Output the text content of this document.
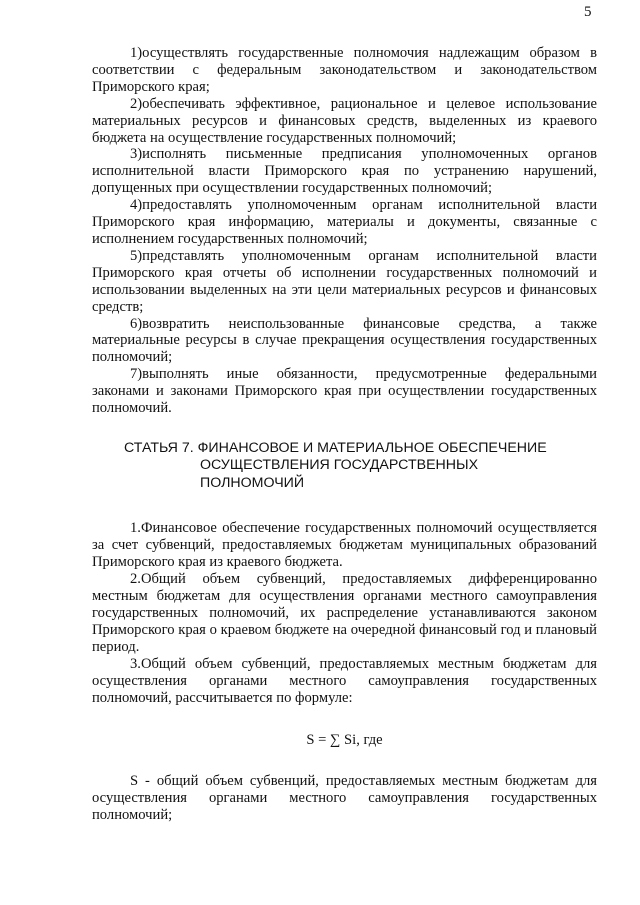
5

1)осуществлять государственные полномочия надлежащим образом в соответствии с федеральным законодательством и законодательством Приморского края;

2)обеспечивать эффективное, рациональное и целевое использование материальных ресурсов и финансовых средств, выделенных из краевого бюджета на осуществление государственных полномочий;

3)исполнять письменные предписания уполномоченных органов исполнительной власти Приморского края по устранению нарушений, допущенных при осуществлении государственных полномочий;

4)предоставлять уполномоченным органам исполнительной власти Приморского края информацию, материалы и документы, связанные с исполнением государственных полномочий;

5)представлять уполномоченным органам исполнительной власти Приморского края отчеты об исполнении государственных полномочий и использовании выделенных на эти цели материальных ресурсов и финансовых средств;

6)возвратить неиспользованные финансовые средства, а также материальные ресурсы в случае прекращения осуществления государственных полномочий;

7)выполнять иные обязанности, предусмотренные федеральными законами и законами Приморского края при осуществлении государственных полномочий.

СТАТЬЯ 7. ФИНАНСОВОЕ И МАТЕРИАЛЬНОЕ ОБЕСПЕЧЕНИЕ
ОСУЩЕСТВЛЕНИЯ ГОСУДАРСТВЕННЫХ
ПОЛНОМОЧИЙ

1.Финансовое обеспечение государственных полномочий осуществляется за счет субвенций, предоставляемых бюджетам муниципальных образований Приморского края из краевого бюджета.

2.Общий объем субвенций, предоставляемых дифференцированно местным бюджетам для осуществления органами местного самоуправления государственных полномочий, их распределение устанавливаются законом Приморского края о краевом бюджете на очередной финансовый год и плановый период.

3.Общий объем субвенций, предоставляемых местным бюджетам для осуществления органами местного самоуправления государственных полномочий, рассчитывается по формуле:

S = ∑ Si, где

S - общий объем субвенций, предоставляемых местным бюджетам для осуществления органами местного самоуправления государственных полномочий;
